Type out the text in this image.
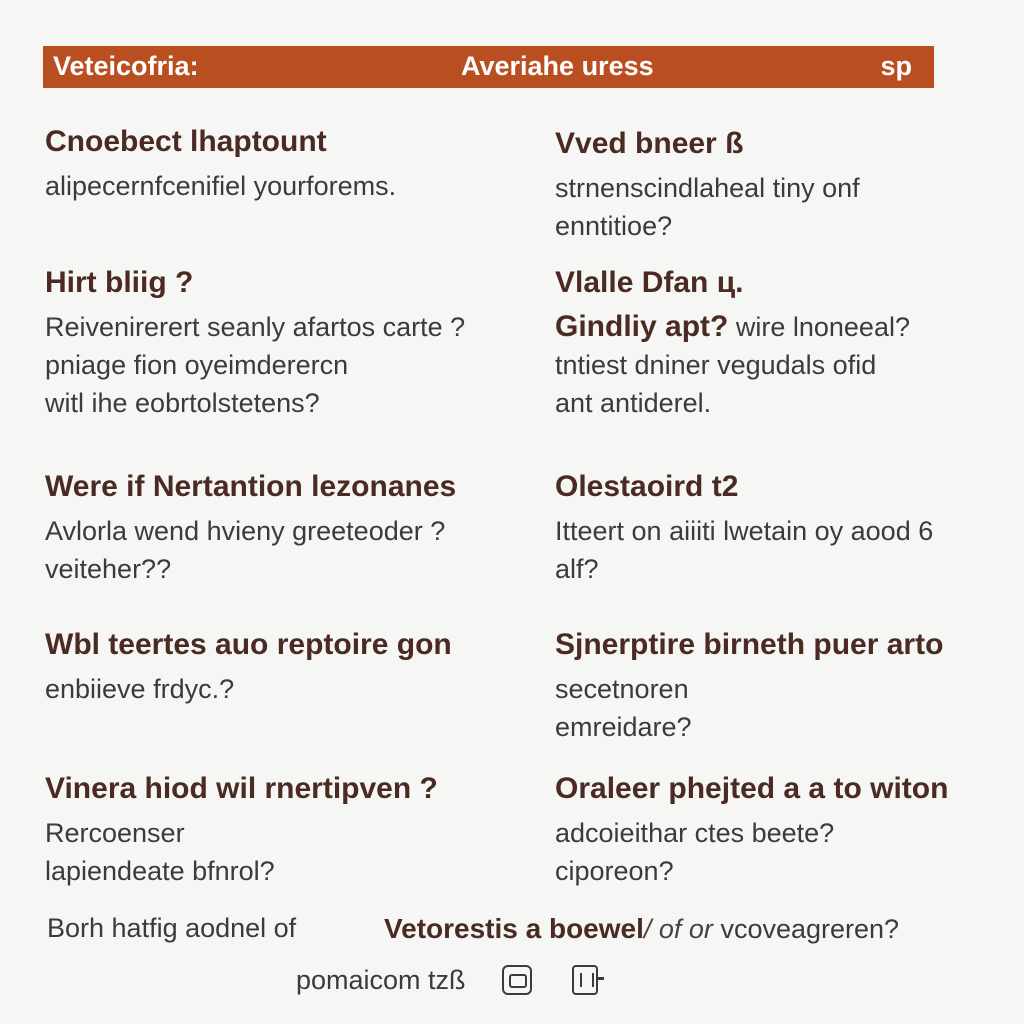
Veteicofria:	Averiahe uress	sp
Cnoebect lhaptount
alipecernfcenifiel yourforems.
Hirt bliig ?
Reivenirerert seanly afartos carte ?
pniage fion oyeimderercn
witl ihe eobrtolstetens?
Were if Nertantion lezonanes
Avlorla wend hvieny greeteoder ?
veiteher??
Wbl teertes auo reptoire gon
enbiieve frdyc.?
Vinera hiod wil rnertipven ?
Rercoenser
lapiendeate bfnrol?
Vved bneer ß
strnenscindlaheal tiny onf
enntitioe?
Vlalle Dfan ц.
Gindliy apt? wire lnoneeal?
tntiest dniner vegudals ofid
ant antiderel.
Olestaoird t2
Itteert on aiiiti lwetain oy aood 6
alf?
Sjnerptire birneth puer arto
secetnoren
emreidare?
Oraleer phejted a a to witon
adcoieithar ctes beete?
ciporeon?
Borh hatfig aodnel of	Vetorestis a boewel/ of or vcoveagreren?
pomaicom tzß
